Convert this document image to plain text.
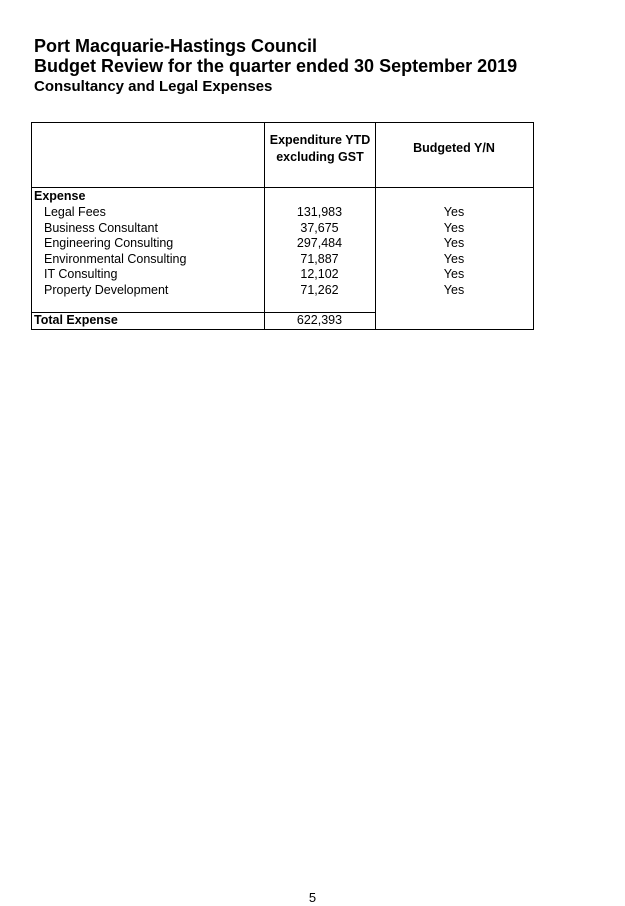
Port Macquarie-Hastings Council
Budget Review for the quarter ended 30 September 2019
Consultancy and Legal Expenses
Expenditure YTD
excluding GST
Budgeted Y/N
Expense
Legal Fees	131,983	Yes
Business Consultant	37,675	Yes
Engineering Consulting	297,484	Yes
Environmental Consulting	71,887	Yes
IT Consulting	12,102	Yes
Property Development	71,262	Yes
Total Expense	622,393
5
